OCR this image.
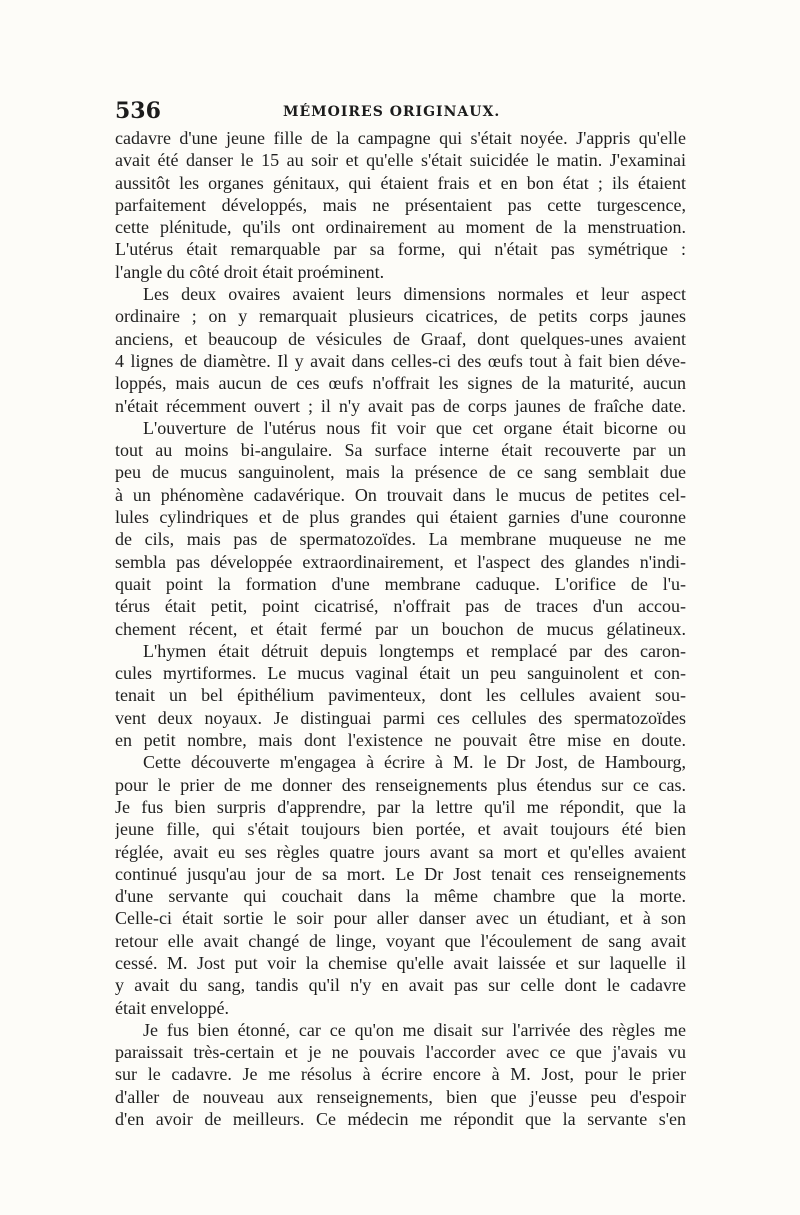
536	MÉMOIRES ORIGINAUX.
cadavre d'une jeune fille de la campagne qui s'était noyée. J'appris qu'elle
avait été danser le 15 au soir et qu'elle s'était suicidée le matin. J'examinai
aussitôt les organes génitaux, qui étaient frais et en bon état ; ils étaient
parfaitement développés, mais ne présentaient pas cette turgescence,
cette plénitude, qu'ils ont ordinairement au moment de la menstruation.
L'utérus était remarquable par sa forme, qui n'était pas symétrique :
l'angle du côté droit était proéminent.
Les deux ovaires avaient leurs dimensions normales et leur aspect
ordinaire ; on y remarquait plusieurs cicatrices, de petits corps jaunes
anciens, et beaucoup de vésicules de Graaf, dont quelques-unes avaient
4 lignes de diamètre. Il y avait dans celles-ci des œufs tout à fait bien déve-
loppés, mais aucun de ces œufs n'offrait les signes de la maturité, aucun
n'était récemment ouvert ; il n'y avait pas de corps jaunes de fraîche date.
L'ouverture de l'utérus nous fit voir que cet organe était bicorne ou
tout au moins bi-angulaire. Sa surface interne était recouverte par un
peu de mucus sanguinolent, mais la présence de ce sang semblait due
à un phénomène cadavérique. On trouvait dans le mucus de petites cel-
lules cylindriques et de plus grandes qui étaient garnies d'une couronne
de cils, mais pas de spermatozoïdes. La membrane muqueuse ne me
sembla pas développée extraordinairement, et l'aspect des glandes n'indi-
quait point la formation d'une membrane caduque. L'orifice de l'u-
térus était petit, point cicatrisé, n'offrait pas de traces d'un accou-
chement récent, et était fermé par un bouchon de mucus gélatineux.
L'hymen était détruit depuis longtemps et remplacé par des caron-
cules myrtiformes. Le mucus vaginal était un peu sanguinolent et con-
tenait un bel épithélium pavimenteux, dont les cellules avaient sou-
vent deux noyaux. Je distinguai parmi ces cellules des spermatozoïdes
en petit nombre, mais dont l'existence ne pouvait être mise en doute.
Cette découverte m'engagea à écrire à M. le Dr Jost, de Hambourg,
pour le prier de me donner des renseignements plus étendus sur ce cas.
Je fus bien surpris d'apprendre, par la lettre qu'il me répondit, que la
jeune fille, qui s'était toujours bien portée, et avait toujours été bien
réglée, avait eu ses règles quatre jours avant sa mort et qu'elles avaient
continué jusqu'au jour de sa mort. Le Dr Jost tenait ces renseignements
d'une servante qui couchait dans la même chambre que la morte.
Celle-ci était sortie le soir pour aller danser avec un étudiant, et à son
retour elle avait changé de linge, voyant que l'écoulement de sang avait
cessé. M. Jost put voir la chemise qu'elle avait laissée et sur laquelle il
y avait du sang, tandis qu'il n'y en avait pas sur celle dont le cadavre
était enveloppé.
Je fus bien étonné, car ce qu'on me disait sur l'arrivée des règles me
paraissait très-certain et je ne pouvais l'accorder avec ce que j'avais vu
sur le cadavre. Je me résolus à écrire encore à M. Jost, pour le prier
d'aller de nouveau aux renseignements, bien que j'eusse peu d'espoir
d'en avoir de meilleurs. Ce médecin me répondit que la servante s'en
